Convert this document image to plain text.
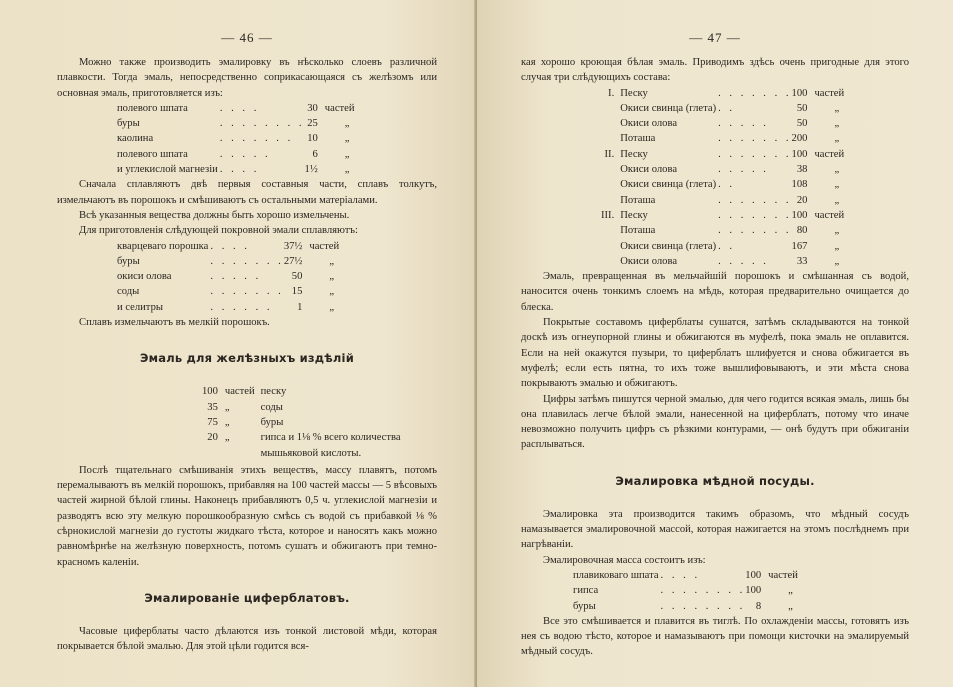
— 46 —

Можно также производить эмалировку въ нѣсколько слоевъ различной плавкости. Тогда эмаль, непосредственно соприкасающаяся съ желѣзомъ или основная эмаль, приготовляется изъ:

полевого шпата	. . . .	30	частей
буры	. . . . . . . .	25	„
каолина	. . . . . . .	10	„
полевого шпата	. . . . .	6	„
и углекислой магнезіи	. . . .	1½	„

Сначала сплавляютъ двѣ первыя составныя части, сплавъ толкутъ, измельчаютъ въ порошокъ и смѣшиваютъ съ остальными матеріалами.

Всѣ указанныя вещества должны быть хорошо измельчены.

Для приготовленія слѣдующей покровной эмали сплавляютъ:

кварцеваго порошка	. . . .	37½	частей
буры	. . . . . . .	27½	„
окиси олова	. . . . .	50	„
соды	. . . . . . .	15	„
и селитры	. . . . . .	1	„

Сплавъ измельчаютъ въ мелкій порошокъ.

Эмаль для желѣзныхъ издѣлій
100	частей	песку
35	„	соды
75	„	буры
20	„	гипса и 1⅛ % всего количества мышьяковой кислоты.

Послѣ тщательнаго смѣшиванія этихъ веществъ, массу плавятъ, потомъ перемалываютъ въ мелкій порошокъ, прибавляя на 100 частей массы — 5 вѣсовыхъ частей жирной бѣлой глины. Наконецъ прибавляютъ 0,5 ч. углекислой магнезіи и разводятъ всю эту мелкую порошкообразную смѣсь съ водой съ прибавкой ⅛ % сѣрнокислой магнезіи до густоты жидкаго тѣста, которое и наносятъ какъ можно равномѣрнѣе на желѣзную поверхность, потомъ сушатъ и обжигаютъ при темно-красномъ каленіи.

Эмалированіе циферблатовъ.

Часовые циферблаты часто дѣлаются изъ тонкой листовой мѣди, которая покрывается бѣлой эмалью. Для этой цѣли годится вся-

— 47 —

кая хорошо кроющая бѣлая эмаль. Приводимъ здѣсь очень пригодные для этого случая три слѣдующихъ состава:

I.	Песку	. . . . . . .	100	частей
	Окиси свинца (глета)	. .	50	„
	Окиси олова	. . . . .	50	„
	Поташа	. . . . . . .	200	„
II.	Песку	. . . . . . .	100	частей
	Окиси олова	. . . . .	38	„
	Окиси свинца (глета)	. .	108	„
	Поташа	. . . . . . .	20	„
III.	Песку	. . . . . . .	100	частей
	Поташа	. . . . . . .	80	„
	Окиси свинца (глета)	. .	167	„
	Окиси олова	. . . . .	33	„

Эмаль, превращенная въ мельчайшій порошокъ и смѣшанная съ водой, наносится очень тонкимъ слоемъ на мѣдь, которая предварительно очищается до блеска.

Покрытые составомъ циферблаты сушатся, затѣмъ складываются на тонкой доскѣ изъ огнеупорной глины и обжигаются въ муфелѣ, пока эмаль не оплавится. Если на ней окажутся пузыри, то циферблатъ шлифуется и снова обжигается въ муфелѣ; если есть пятна, то ихъ тоже вышлифовываютъ, и эти мѣста снова покрываютъ эмалью и обжигаютъ.

Цифры затѣмъ пишутся черной эмалью, для чего годится всякая эмаль, лишь бы она плавилась легче бѣлой эмали, нанесенной на циферблатъ, потому что иначе невозможно получить цифръ съ рѣзкими контурами, — онѣ будутъ при обжиганіи расплываться.

Эмалировка мѣдной посуды.

Эмалировка эта производится такимъ образомъ, что мѣдный сосудъ намазывается эмалировочной массой, которая нажигается на этомъ послѣднемъ при нагрѣваніи.

Эмалировочная масса состоитъ изъ:

плавиковаго шпата	. . . .	100	частей
гипса	. . . . . . . .	100	„
буры	. . . . . . . .	8	„

Все это смѣшивается и плавится въ тиглѣ. По охлажденіи массы, готовятъ изъ нея съ водою тѣсто, которое и намазываютъ при помощи кисточки на эмалируемый мѣдный сосудъ.
